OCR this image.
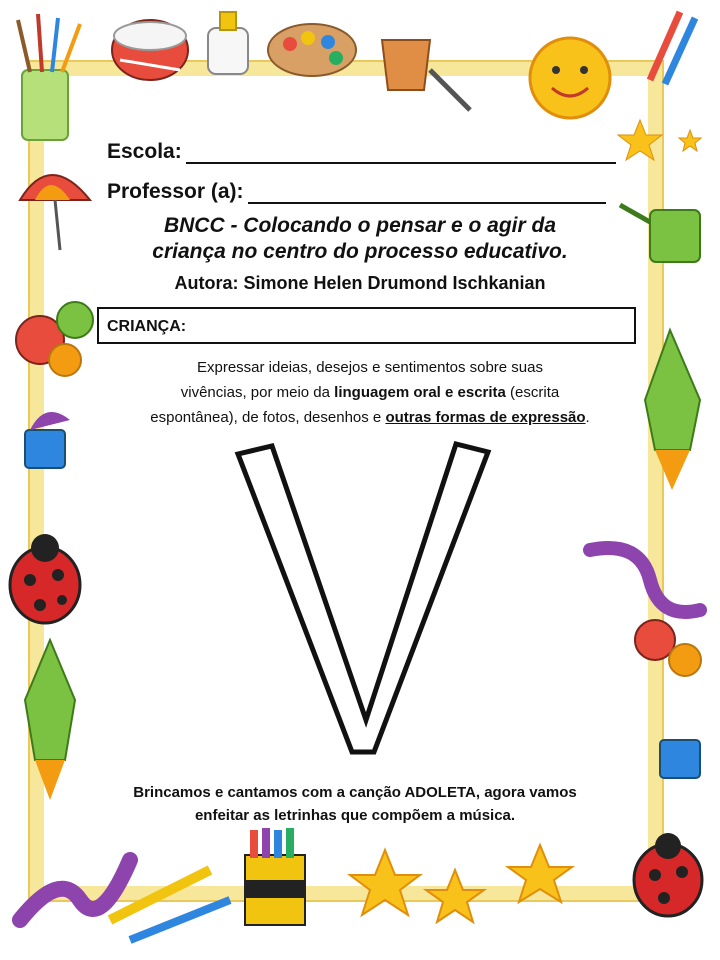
Escola:
Professor (a):
BNCC - Colocando o pensar e o agir da
criança no centro do processo educativo.
Autora: Simone Helen Drumond Ischkanian
CRIANÇA:
Expressar ideias, desejos e sentimentos sobre suas
vivências, por meio da linguagem oral e escrita (escrita
espontânea), de fotos, desenhos e outras formas de expressão.
Brincamos e cantamos com a canção ADOLETA, agora vamos
enfeitar as letrinhas que compõem a música.
